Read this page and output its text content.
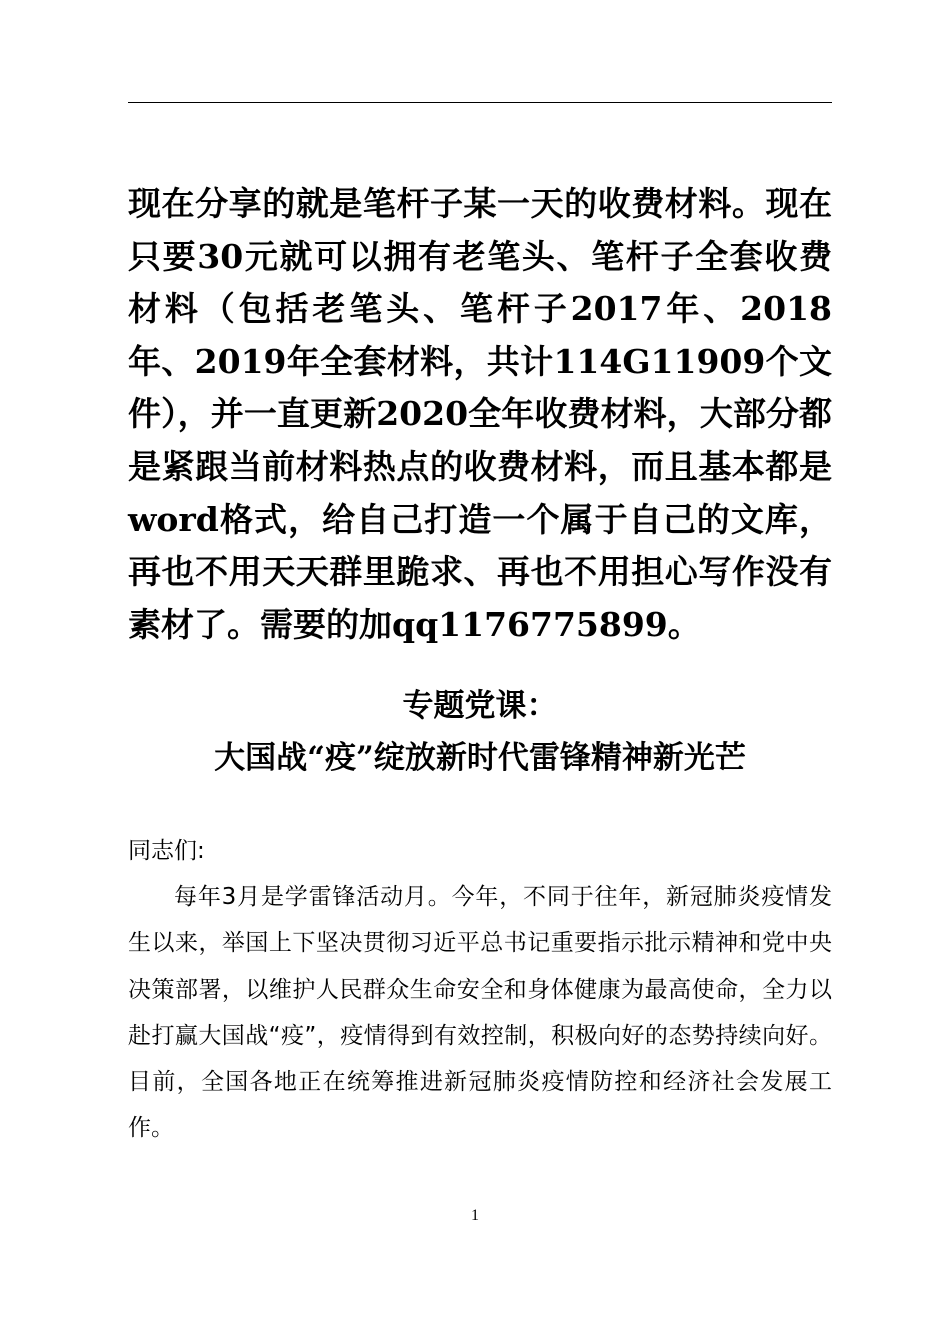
现在分享的就是笔杆子某一天的收费材料。现在只要30元就可以拥有老笔头、笔杆子全套收费材料（包括老笔头、笔杆子2017年、2018年、2019年全套材料，共计114G11909个文件），并一直更新2020全年收费材料，大部分都是紧跟当前材料热点的收费材料，而且基本都是word格式，给自己打造一个属于自己的文库，再也不用天天群里跪求、再也不用担心写作没有素材了。需要的加qq1176775899。

专题党课：
大国战“疫”绽放新时代雷锋精神新光芒

同志们:

每年3月是学雷锋活动月。今年，不同于往年，新冠肺炎疫情发生以来，举国上下坚决贯彻习近平总书记重要指示批示精神和党中央决策部署，以维护人民群众生命安全和身体健康为最高使命，全力以赴打赢大国战“疫”，疫情得到有效控制，积极向好的态势持续向好。目前，全国各地正在统筹推进新冠肺炎疫情防控和经济社会发展工作。

1
